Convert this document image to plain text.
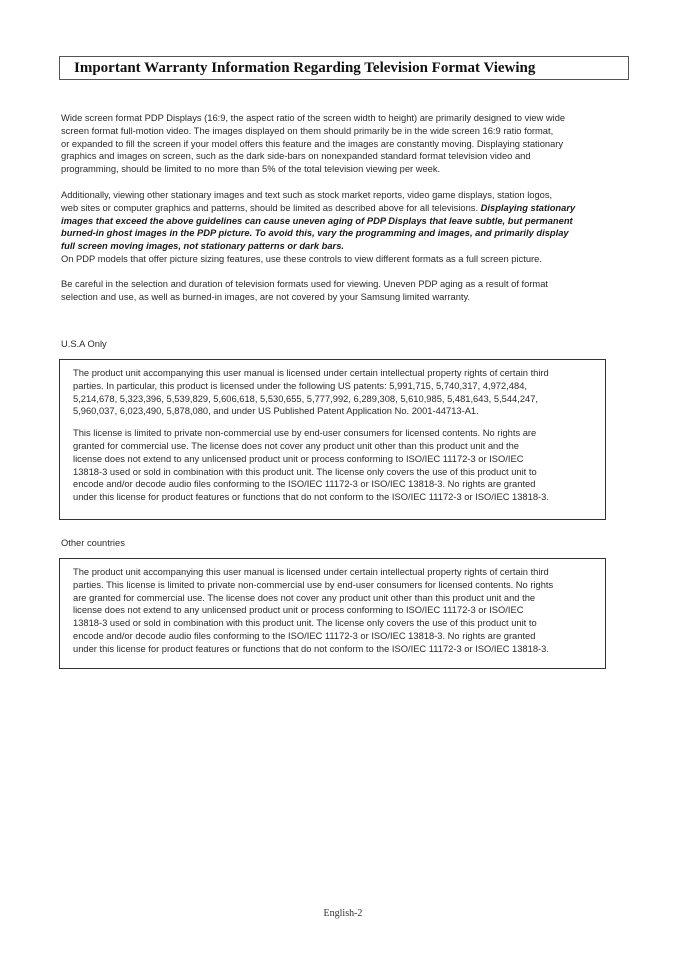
Important Warranty Information Regarding Television Format Viewing
Wide screen format PDP Displays (16:9, the aspect ratio of the screen width to height) are primarily designed to view wide
screen format full-motion video. The images displayed on them should primarily be in the wide screen 16:9 ratio format,
or expanded to fill the screen if your model offers this feature and the images are constantly moving. Displaying stationary
graphics and images on screen, such as the dark side-bars on nonexpanded standard format television video and
programming, should be limited to no more than 5% of the total television viewing per week.
Additionally, viewing other stationary images and text such as stock market reports, video game displays, station logos,
web sites or computer graphics and patterns, should be limited as described above for all televisions. Displaying stationary
images that exceed the above guidelines can cause uneven aging of PDP Displays that leave subtle, but permanent
burned-in ghost images in the PDP picture. To avoid this, vary the programming and images, and primarily display
full screen moving images, not stationary patterns or dark bars.
On PDP models that offer picture sizing features, use these controls to view different formats as a full screen picture.
Be careful in the selection and duration of television formats used for viewing. Uneven PDP aging as a result of format
selection and use, as well as burned-in images, are not covered by your Samsung limited warranty.
U.S.A Only
The product unit accompanying this user manual is licensed under certain intellectual property rights of certain third
parties. In particular, this product is licensed under the following US patents: 5,991,715, 5,740,317, 4,972,484,
5,214,678, 5,323,396, 5,539,829, 5,606,618, 5,530,655, 5,777,992, 6,289,308, 5,610,985, 5,481,643, 5,544,247,
5,960,037, 6,023,490, 5,878,080, and under US Published Patent Application No. 2001-44713-A1.
This license is limited to private non-commercial use by end-user consumers for licensed contents. No rights are
granted for commercial use. The license does not cover any product unit other than this product unit and the
license does not extend to any unlicensed product unit or process conforming to ISO/IEC 11172-3 or ISO/IEC
13818-3 used or sold in combination with this product unit. The license only covers the use of this product unit to
encode and/or decode audio files conforming to the ISO/IEC 11172-3 or ISO/IEC 13818-3. No rights are granted
under this license for product features or functions that do not conform to the ISO/IEC 11172-3 or ISO/IEC 13818-3.
Other countries
The product unit accompanying this user manual is licensed under certain intellectual property rights of certain third
parties. This license is limited to private non-commercial use by end-user consumers for licensed contents. No rights
are granted for commercial use. The license does not cover any product unit other than this product unit and the
license does not extend to any unlicensed product unit or process conforming to ISO/IEC 11172-3 or ISO/IEC
13818-3 used or sold in combination with this product unit. The license only covers the use of this product unit to
encode and/or decode audio files conforming to the ISO/IEC 11172-3 or ISO/IEC 13818-3. No rights are granted
under this license for product features or functions that do not conform to the ISO/IEC 11172-3 or ISO/IEC 13818-3.
English-2
